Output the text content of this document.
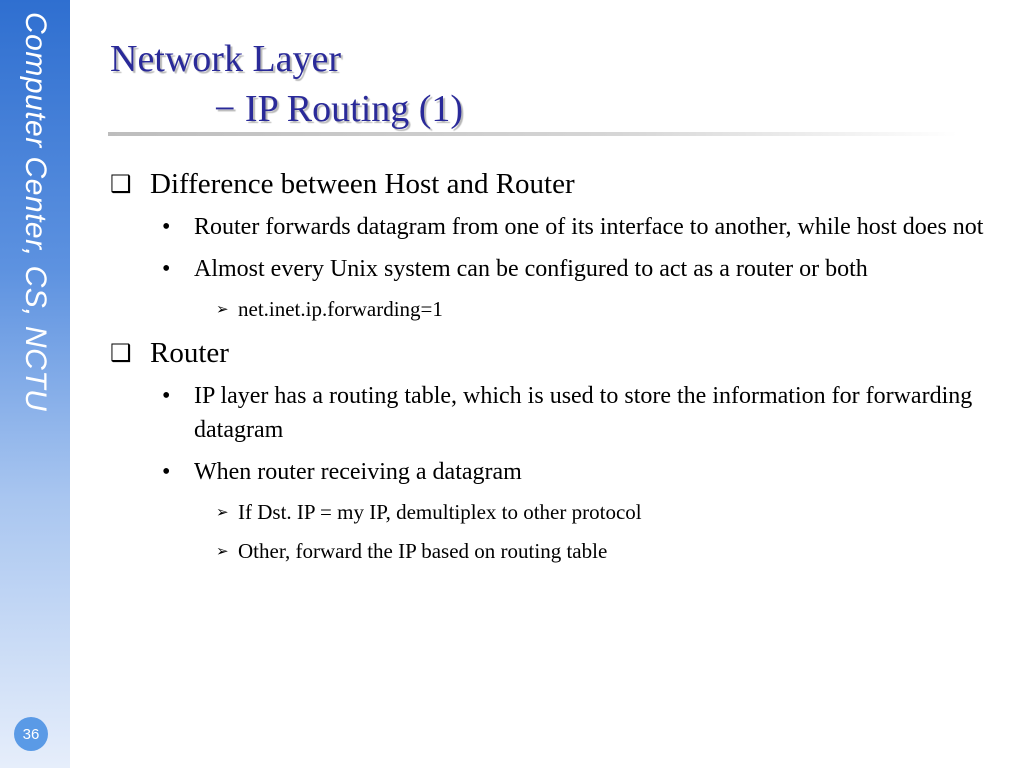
Computer Center, CS, NCTU
36
Network Layer
− IP Routing (1)
❑ Difference between Host and Router
• Router forwards datagram from one of its interface to another, while host does not
• Almost every Unix system can be configured to act as a router or both
➢ net.inet.ip.forwarding=1
❑ Router
• IP layer has a routing table, which is used to store the information for forwarding datagram
• When router receiving a datagram
➢ If Dst. IP = my IP, demultiplex to other protocol
➢ Other, forward the IP based on routing table
